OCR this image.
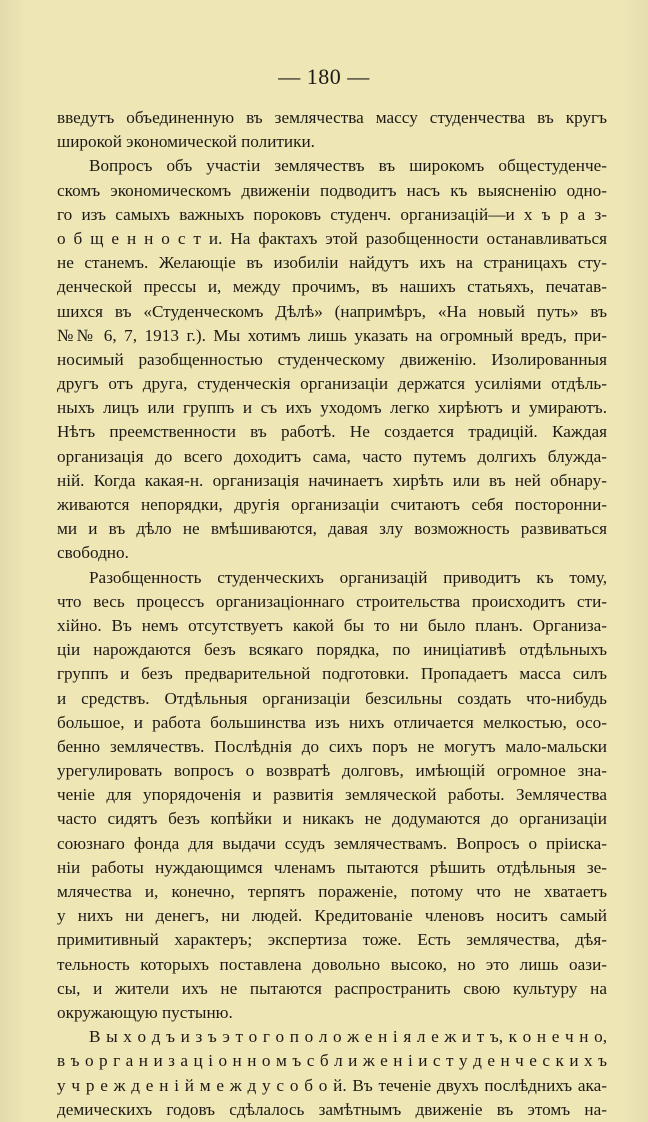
— 180 —
введутъ объединенную въ землячества массу студенчества въ кругъ
широкой экономической политики.
Вопросъ объ участіи землячествъ въ широкомъ общестуденче-
скомъ экономическомъ движеніи подводитъ насъ къ выясненію одно-
го изъ самыхъ важныхъ пороковъ студенч. организацій—и х ъ р а з-
о б щ е н н о с т и. На фактахъ этой разобщенности останавливаться
не станемъ. Желающіе въ изобиліи найдутъ ихъ на страницахъ сту-
денческой прессы и, между прочимъ, въ нашихъ статьяхъ, печатав-
шихся въ «Студенческомъ Дѣлѣ» (напримѣръ, «На новый путь» въ
№№ 6, 7, 1913 г.). Мы хотимъ лишь указать на огромный вредъ, при-
носимый разобщенностью студенческому движенію. Изолированныя
другъ отъ друга, студенческія организаціи держатся усиліями отдѣль-
ныхъ лицъ или группъ и съ ихъ уходомъ легко хирѣютъ и умираютъ.
Нѣтъ преемственности въ работѣ. Не создается традицій. Каждая
организація до всего доходитъ сама, часто путемъ долгихъ блужда-
ній. Когда какая-н. организація начинаетъ хирѣть или въ ней обнару-
живаются непорядки, другія организаціи считаютъ себя посторонни-
ми и въ дѣло не вмѣшиваются, давая злу возможность развиваться
свободно.
Разобщенность студенческихъ организацій приводитъ къ тому,
что весь процессъ организаціоннаго строительства происходитъ сти-
хійно. Въ немъ отсутствуетъ какой бы то ни было планъ. Организа-
ціи нарождаются безъ всякаго порядка, по иниціативѣ отдѣльныхъ
группъ и безъ предварительной подготовки. Пропадаетъ масса силъ
и средствъ. Отдѣльныя организаціи безсильны создать что-нибудь
большое, и работа большинства изъ нихъ отличается мелкостью, осо-
бенно землячествъ. Послѣднія до сихъ поръ не могутъ мало-мальски
урегулировать вопросъ о возвратѣ долговъ, имѣющій огромное зна-
ченіе для упорядоченія и развитія земляческой работы. Землячества
часто сидятъ безъ копѣйки и никакъ не додумаются до организаціи
союзнаго фонда для выдачи ссудъ землячествамъ. Вопросъ о пріиска-
ніи работы нуждающимся членамъ пытаются рѣшить отдѣльныя зе-
млячества и, конечно, терпятъ пораженіе, потому что не хватаетъ
у нихъ ни денегъ, ни людей. Кредитованіе членовъ носитъ самый
примитивный характеръ; экспертиза тоже. Есть землячества, дѣя-
тельность которыхъ поставлена довольно высоко, но это лишь оази-
сы, и жители ихъ не пытаются распространить свою культуру на
окружающую пустыню.
В ы х о д ъ и з ъ э т о г о п о л о ж е н і я л е ж и т ъ, к о н е ч н о,
в ъ о р г а н и з а ц і о н н о м ъ с б л и ж е н і и с т у д е н ч е с к и х ъ
у ч р е ж д е н і й м е ж д у с о б о й. Въ теченіе двухъ послѣднихъ ака-
демическихъ годовъ сдѣлалось замѣтнымъ движеніе въ этомъ на-
